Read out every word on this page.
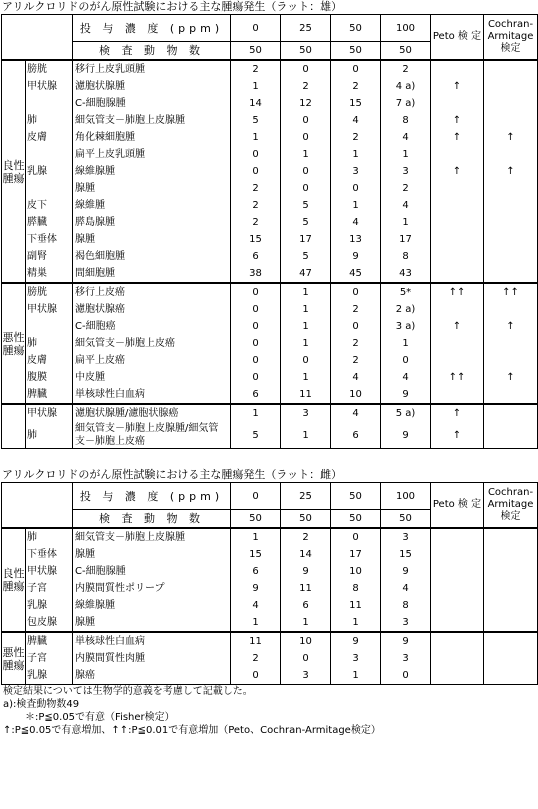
アリルクロリドのがん原性試験における主な腫瘍発生（ラット：雄）
		投 与 濃 度 (ppm)	0	25	50	100	Peto 検 定	Cochran- Armitage 検定
		検 査 動 物 数	50	50	50	50		
良性腫瘍	膀胱	移行上皮乳頭腫	2	0	0	2		
	甲状腺	濾胞状腺腫	1	2	2	4 a)	↑	
		C-細胞腺腫	14	12	15	7 a)		
	肺	細気管支－肺胞上皮腺腫	5	0	4	8	↑	
	皮膚	角化棘細胞腫	1	0	2	4	↑	↑
		扁平上皮乳頭腫	0	1	1	1		
	乳腺	線維腺腫	0	0	3	3	↑	↑
		腺腫	2	0	0	2		
	皮下	線維腫	2	5	1	4		
	膵臓	膵島腺腫	2	5	4	1		
	下垂体	腺腫	15	17	13	17		
	副腎	褐色細胞腫	6	5	9	8		
	精巣	間細胞腫	38	47	45	43		
悪性腫瘍	膀胱	移行上皮癌	0	1	0	5*	↑↑	↑↑
	甲状腺	濾胞状腺癌	0	1	2	2 a)		
		C-細胞癌	0	1	0	3 a)	↑	↑
	肺	細気管支－肺胞上皮癌	0	1	2	1		
	皮膚	扁平上皮癌	0	0	2	0		
	腹膜	中皮腫	0	1	4	4	↑↑	↑
	脾臓	単核球性白血病	6	11	10	9		
	甲状腺	濾胞状腺腫/濾胞状腺癌	1	3	4	5 a)	↑	
	肺	細気管支－肺胞上皮腺腫/細気管支－肺胞上皮癌	5	1	6	9	↑	
アリルクロリドのがん原性試験における主な腫瘍発生（ラット：雌）
		投 与 濃 度 (ppm)	0	25	50	100	Peto 検 定	Cochran- Armitage 検定
		検 査 動 物 数	50	50	50	50		
良性腫瘍	肺	細気管支－肺胞上皮腺腫	1	2	0	3		
	下垂体	腺腫	15	14	17	15		
	甲状腺	C-細胞腺腫	6	9	10	9		
	子宮	内膜間質性ポリープ	9	11	8	4		
	乳腺	線維腺腫	4	6	11	8		
	包皮腺	腺腫	1	1	1	3		
悪性腫瘍	脾臓	単核球性白血病	11	10	9	9		
	子宮	内膜間質性肉腫	2	0	3	3		
	乳腺	腺癌	0	3	1	0		
検定結果については生物学的意義を考慮して記載した。
a):検査動物数49
＊:P≦0.05で有意（Fisher検定）
↑:P≦0.05で有意増加、↑↑:P≦0.01で有意増加（Peto、Cochran-Armitage検定）
